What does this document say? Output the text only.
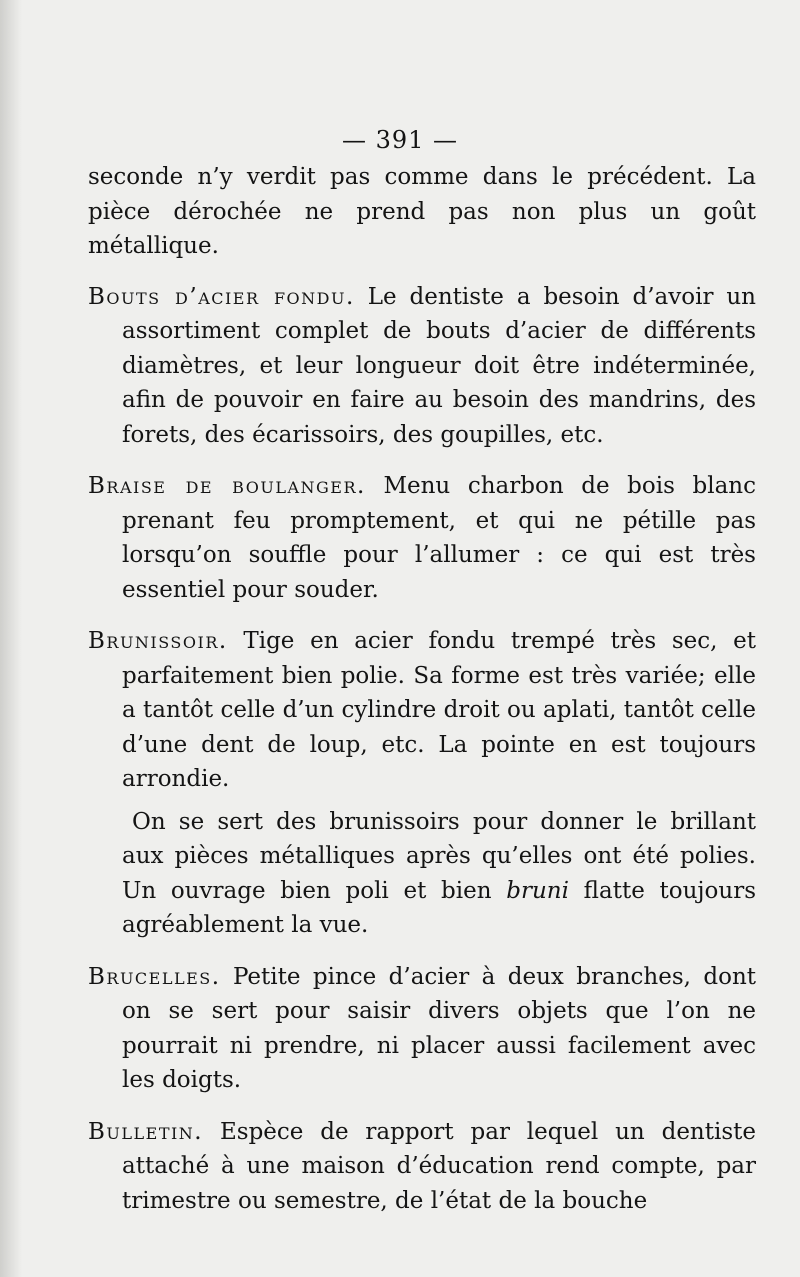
— 391 —

seconde n’y verdit pas comme dans le précédent. La pièce dérochée ne prend pas non plus un goût métallique.

Bouts d’acier fondu. Le dentiste a besoin d’avoir un assortiment complet de bouts d’acier de différents diamètres, et leur longueur doit être indéterminée, afin de pouvoir en faire au besoin des mandrins, des forets, des écarissoirs, des goupilles, etc.

Braise de boulanger. Menu charbon de bois blanc prenant feu promptement, et qui ne pétille pas lorsqu’on souffle pour l’allumer : ce qui est très essentiel pour souder.

Brunissoir. Tige en acier fondu trempé très sec, et parfaitement bien polie. Sa forme est très variée; elle a tantôt celle d’un cylindre droit ou aplati, tantôt celle d’une dent de loup, etc. La pointe en est toujours arrondie.

On se sert des brunissoirs pour donner le brillant aux pièces métalliques après qu’elles ont été polies. Un ouvrage bien poli et bien bruni flatte toujours agréablement la vue.

Brucelles. Petite pince d’acier à deux branches, dont on se sert pour saisir divers objets que l’on ne pourrait ni prendre, ni placer aussi facilement avec les doigts.

Bulletin. Espèce de rapport par lequel un dentiste attaché à une maison d’éducation rend compte, par trimestre ou semestre, de l’état de la bouche
